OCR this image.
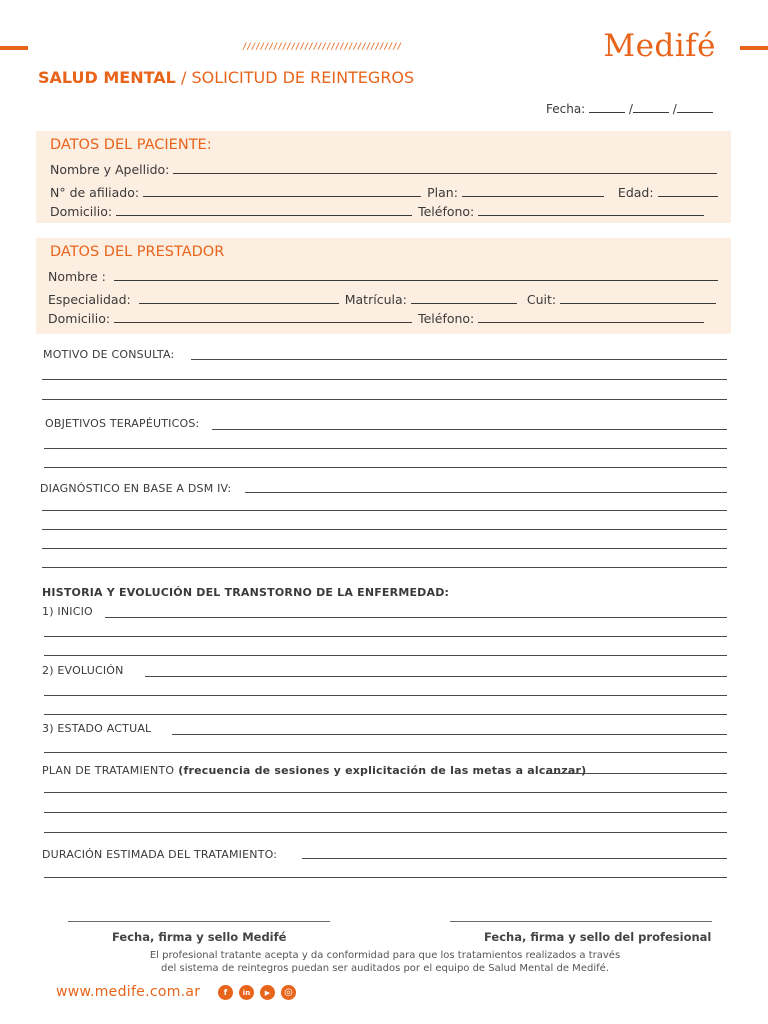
////////////////////////////////////	Medifé
SALUD MENTAL / SOLICITUD DE REINTEGROS
Fecha:	/	/
DATOS DEL PACIENTE:
Nombre y Apellido:
N° de afiliado:	Plan:	Edad:
Domicilio:	Teléfono:
DATOS DEL PRESTADOR
Nombre :
Especialidad:	Matrícula:	Cuit:
Domicilio:	Teléfono:
MOTIVO DE CONSULTA:
OBJETIVOS TERAPÉUTICOS:
DIAGNÓSTICO EN BASE A DSM IV:
HISTORIA Y EVOLUCIÓN DEL TRANSTORNO DE LA ENFERMEDAD:
1) INICIO
2) EVOLUCIÓN
3) ESTADO ACTUAL
PLAN DE TRATAMIENTO (frecuencia de sesiones y explicitación de las metas a alcanzar)
DURACIÓN ESTIMADA DEL TRATAMIENTO:
Fecha, firma y sello Medifé	Fecha, firma y sello del profesional
El profesional tratante acepta y da conformidad para que los tratamientos realizados a través
del sistema de reintegros puedan ser auditados por el equipo de Salud Mental de Medifé.
www.medife.com.ar	f	in	▶	◎
